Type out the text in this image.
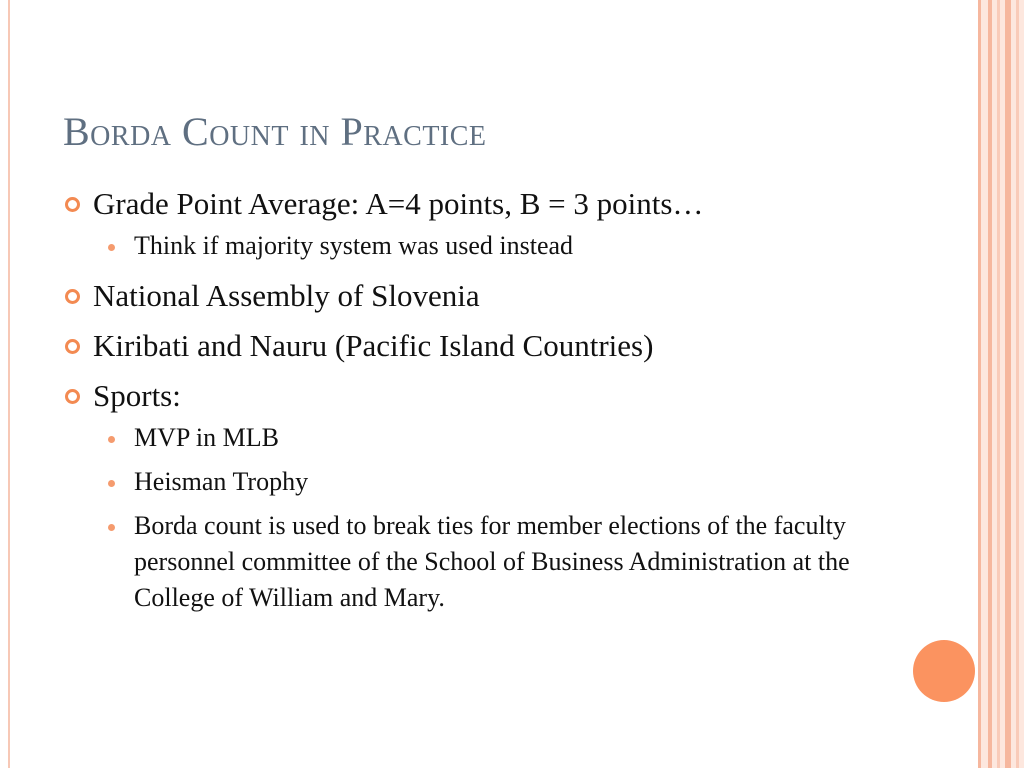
Borda Count in Practice
Grade Point Average: A=4 points, B = 3 points…
Think if majority system was used instead
National Assembly of Slovenia
Kiribati and Nauru (Pacific Island Countries)
Sports:
MVP in MLB
Heisman Trophy
Borda count is used to break ties for member elections of the faculty personnel committee of the School of Business Administration at the College of William and Mary.
